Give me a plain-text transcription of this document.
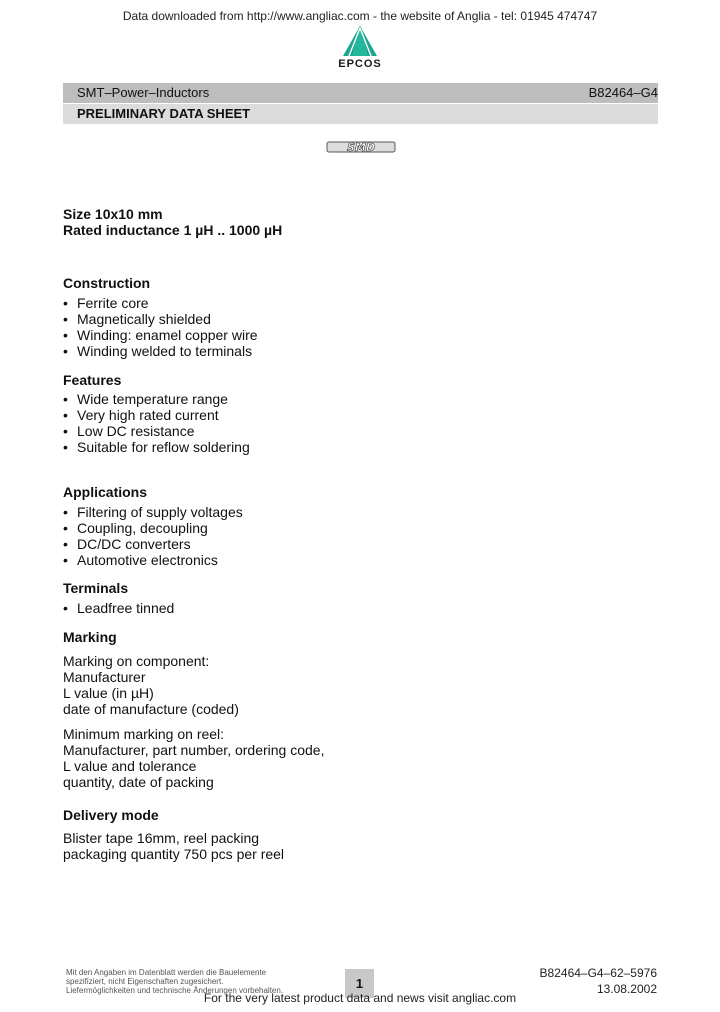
Data downloaded from http://www.angliac.com - the website of Anglia - tel: 01945 474747
EPCOS
SMT–Power–Inductors	B82464–G4
PRELIMINARY DATA SHEET
SMD
Size 10x10 mm
Rated inductance 1 µH .. 1000 µH
Construction
• Ferrite core
• Magnetically shielded
• Winding: enamel copper wire
• Winding welded to terminals
Features
• Wide temperature range
• Very high rated current
• Low DC resistance
• Suitable for reflow soldering
Applications
• Filtering of supply voltages
• Coupling, decoupling
• DC/DC converters
• Automotive electronics
Terminals
• Leadfree tinned
Marking
Marking on component:
Manufacturer
L value (in µH)
date of manufacture (coded)
Minimum marking on reel:
Manufacturer, part number, ordering code,
L value and tolerance
quantity, date of packing
Delivery mode
Blister tape 16mm, reel packing
packaging quantity 750 pcs per reel
Mit den Angaben im Datenblatt werden die Bauelemente
spezifiziert, nicht Eigenschaften zugesichert.
Liefermöglichkeiten und technische Änderungen vorbehalten.	1
B82464–G4–62–5976
13.08.2002
For the very latest product data and news visit angliac.com
